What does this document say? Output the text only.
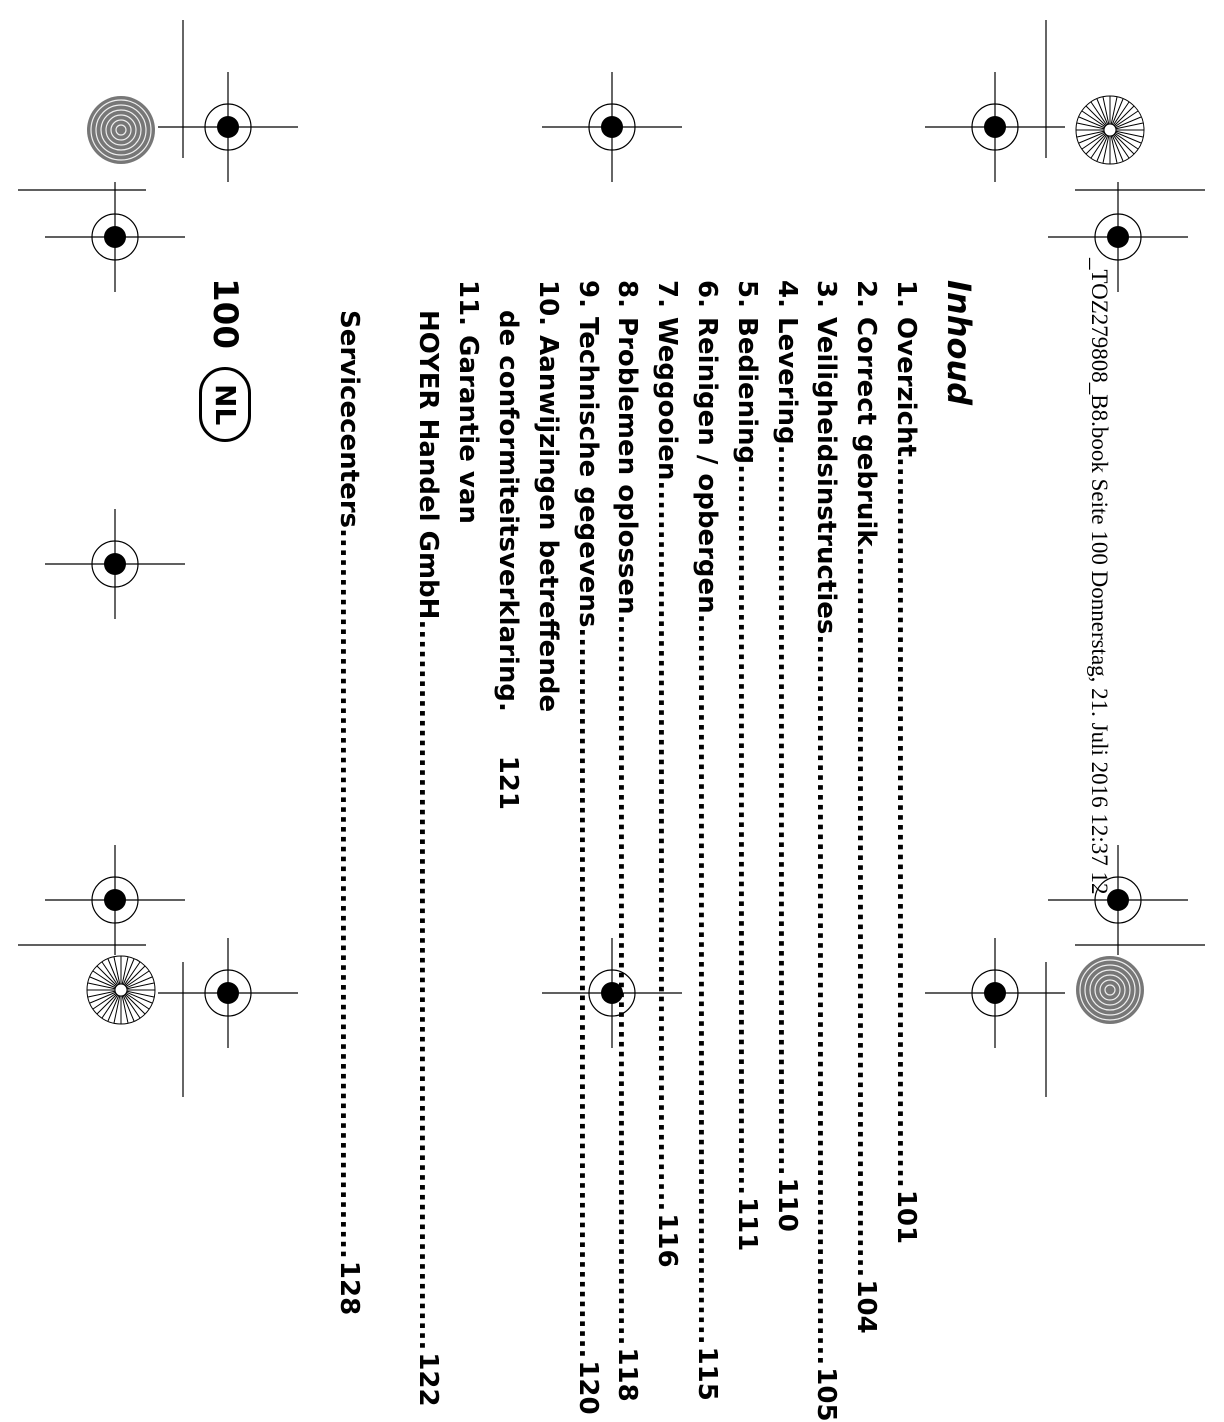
_TOZ279808_B8.book Seite 100 Donnerstag, 21. Juli 2016 12:37 12
Inhoud
1. Overzicht
..........................................................................
101
2. Correct gebruik
..........................................................................
104
3. Veiligheidsinstructies
..........................................................................
105
4. Levering
..........................................................................
110
5. Bediening
..........................................................................
111
6. Reinigen / opbergen
..........................................................................
115
7. Weggooien
..........................................................................
116
8. Problemen oplossen
..........................................................................
118
9. Technische gegevens
..........................................................................
120
10. Aanwijzingen betreffende
de conformiteitsverklaring
.
121
11. Garantie van
HOYER Handel GmbH
..........................................................................
122
Servicecenters
..........................................................................
128
100
NL
